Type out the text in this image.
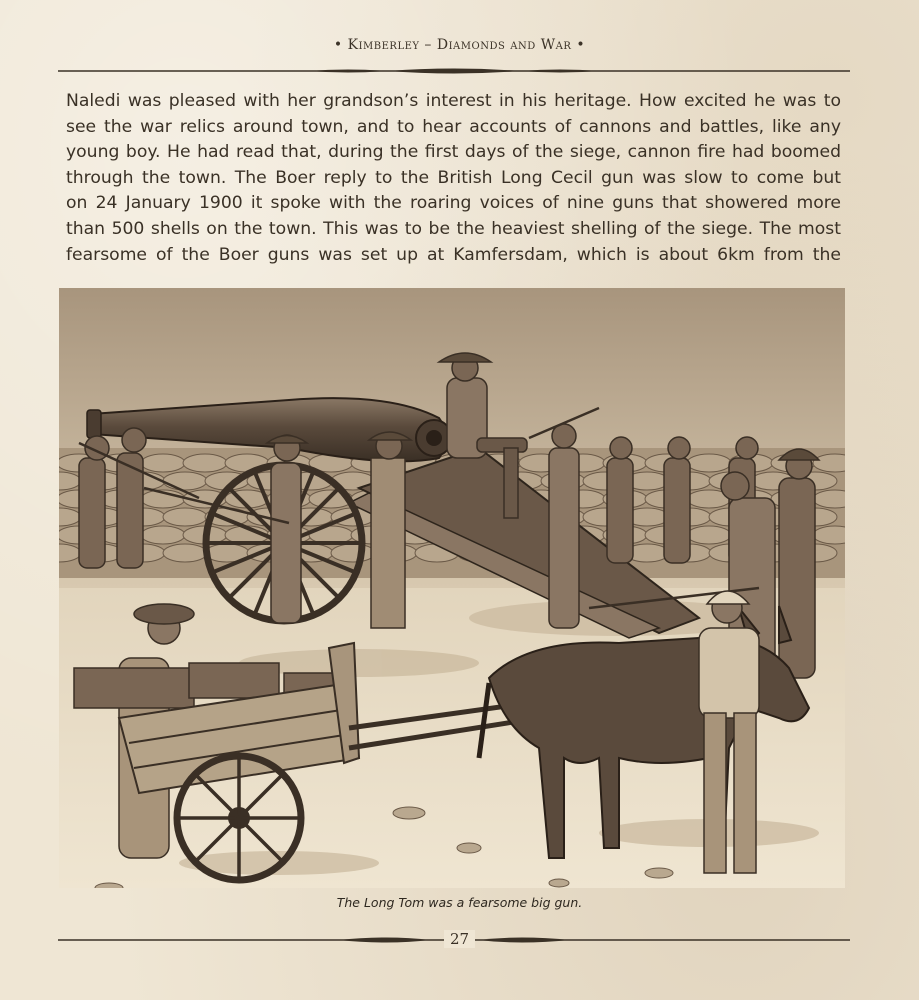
• Kimberley – Diamonds and War •
Naledi was pleased with her grandson’s interest in his heritage. How excited he was to
see the war relics around town, and to hear accounts of cannons and battles, like any
young boy. He had read that, during the first days of the siege, cannon fire had boomed
through the town. The Boer reply to the British Long Cecil gun was slow to come but
on 24 January 1900 it spoke with the roaring voices of nine guns that showered more
than 500 shells on the town. This was to be the heaviest shelling of the siege. The most
fearsome of the Boer guns was set up at Kamfersdam, which is about 6km from the
The Long Tom was a fearsome big gun.
27
